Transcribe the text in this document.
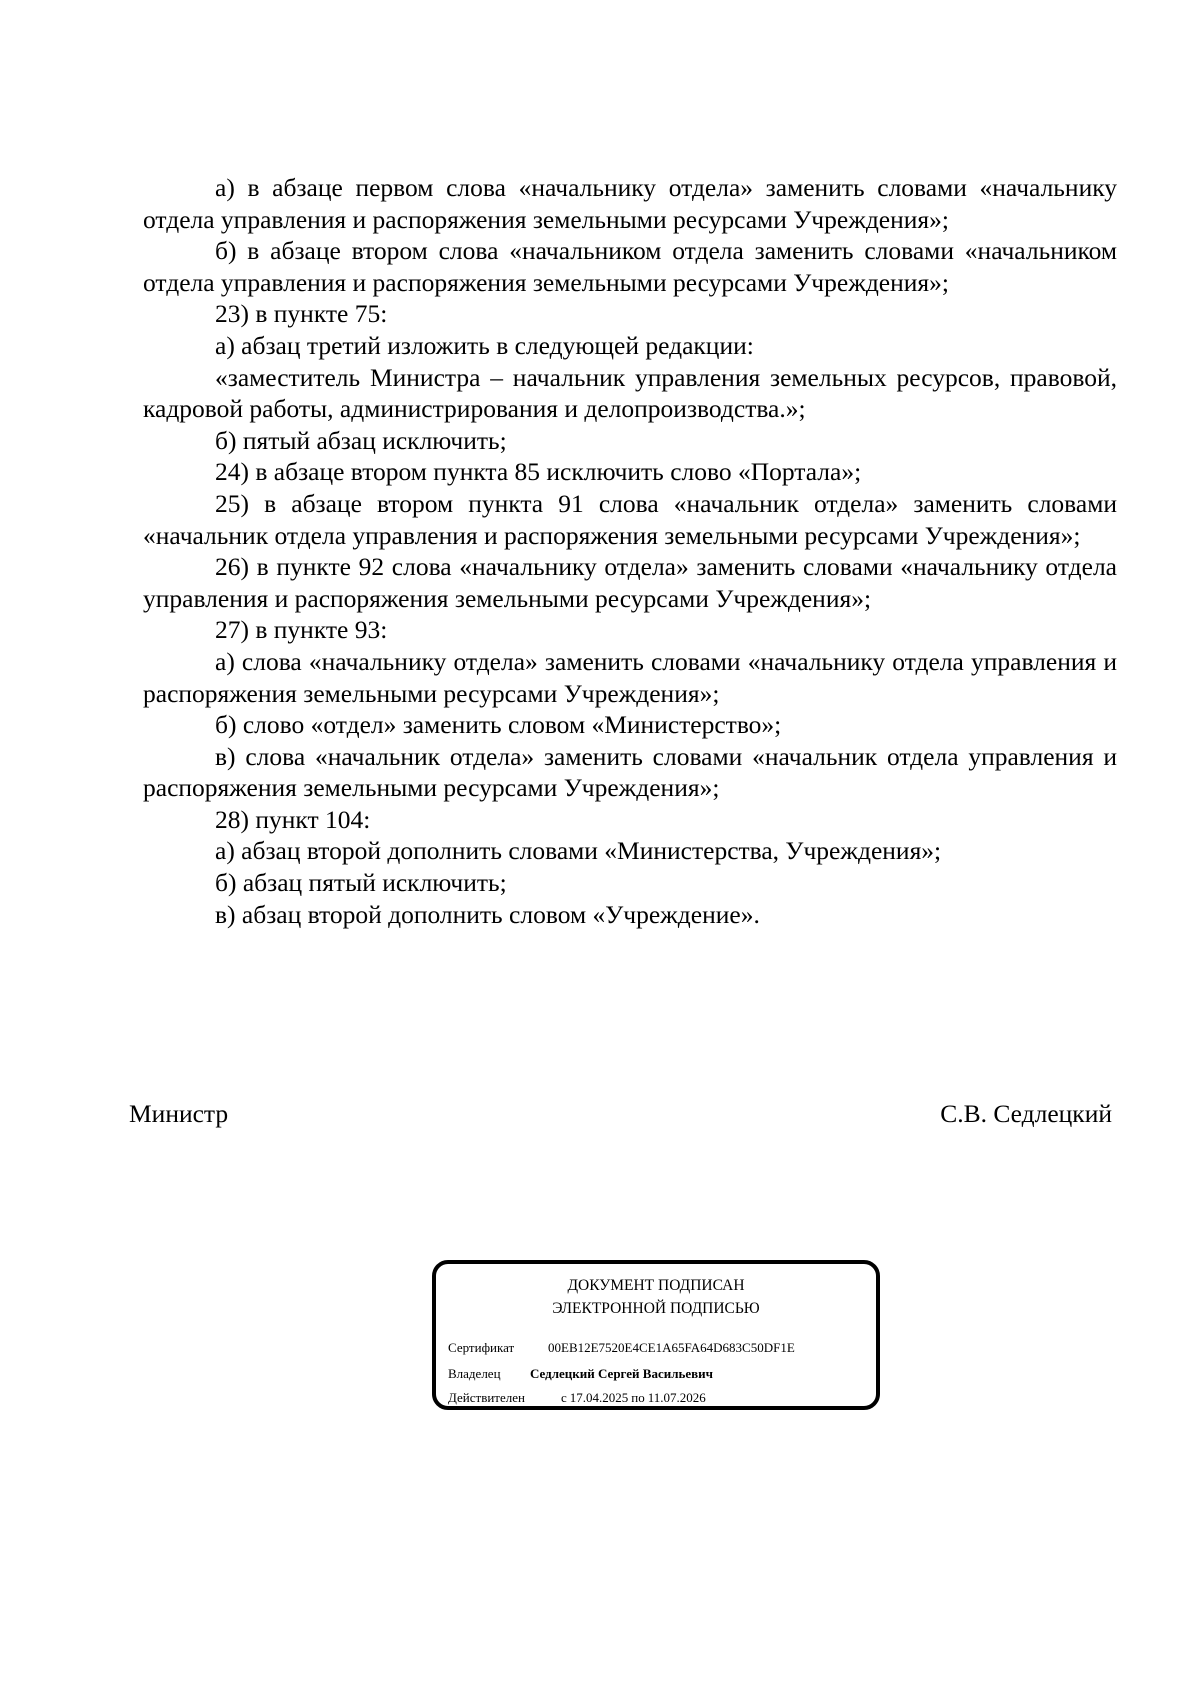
а) в абзаце первом слова «начальнику отдела» заменить словами «начальнику отдела управления и распоряжения земельными ресурсами Учреждения»;

б) в абзаце втором слова «начальником отдела заменить словами «начальником отдела управления и распоряжения земельными ресурсами Учреждения»;

23) в пункте 75:

а) абзац третий изложить в следующей редакции:

«заместитель Министра – начальник управления земельных ресурсов, правовой, кадровой работы, администрирования и делопроизводства.»;

б) пятый абзац исключить;

24) в абзаце втором пункта 85 исключить слово «Портала»;

25) в абзаце втором пункта 91 слова «начальник отдела» заменить словами «начальник отдела управления и распоряжения земельными ресурсами Учреждения»;

26) в пункте 92 слова «начальнику отдела» заменить словами «начальнику отдела управления и распоряжения земельными ресурсами Учреждения»;

27) в пункте 93:

а) слова «начальнику отдела» заменить словами «начальнику отдела управления и распоряжения земельными ресурсами Учреждения»;

б) слово «отдел» заменить словом «Министерство»;

в) слова «начальник отдела» заменить словами «начальник отдела управления и распоряжения земельными ресурсами Учреждения»;

28) пункт 104:

а) абзац второй дополнить словами «Министерства, Учреждения»;

б) абзац пятый исключить;

в) абзац второй дополнить словом «Учреждение».

Министр	С.В. Седлецкий
ДОКУМЕНТ ПОДПИСАН
ЭЛЕКТРОННОЙ ПОДПИСЬЮ
Сертификат	00EB12E7520E4CE1A65FA64D683C50DF1E
Владелец Седлецкий Сергей Васильевич
Действителен	с 17.04.2025 по 11.07.2026
